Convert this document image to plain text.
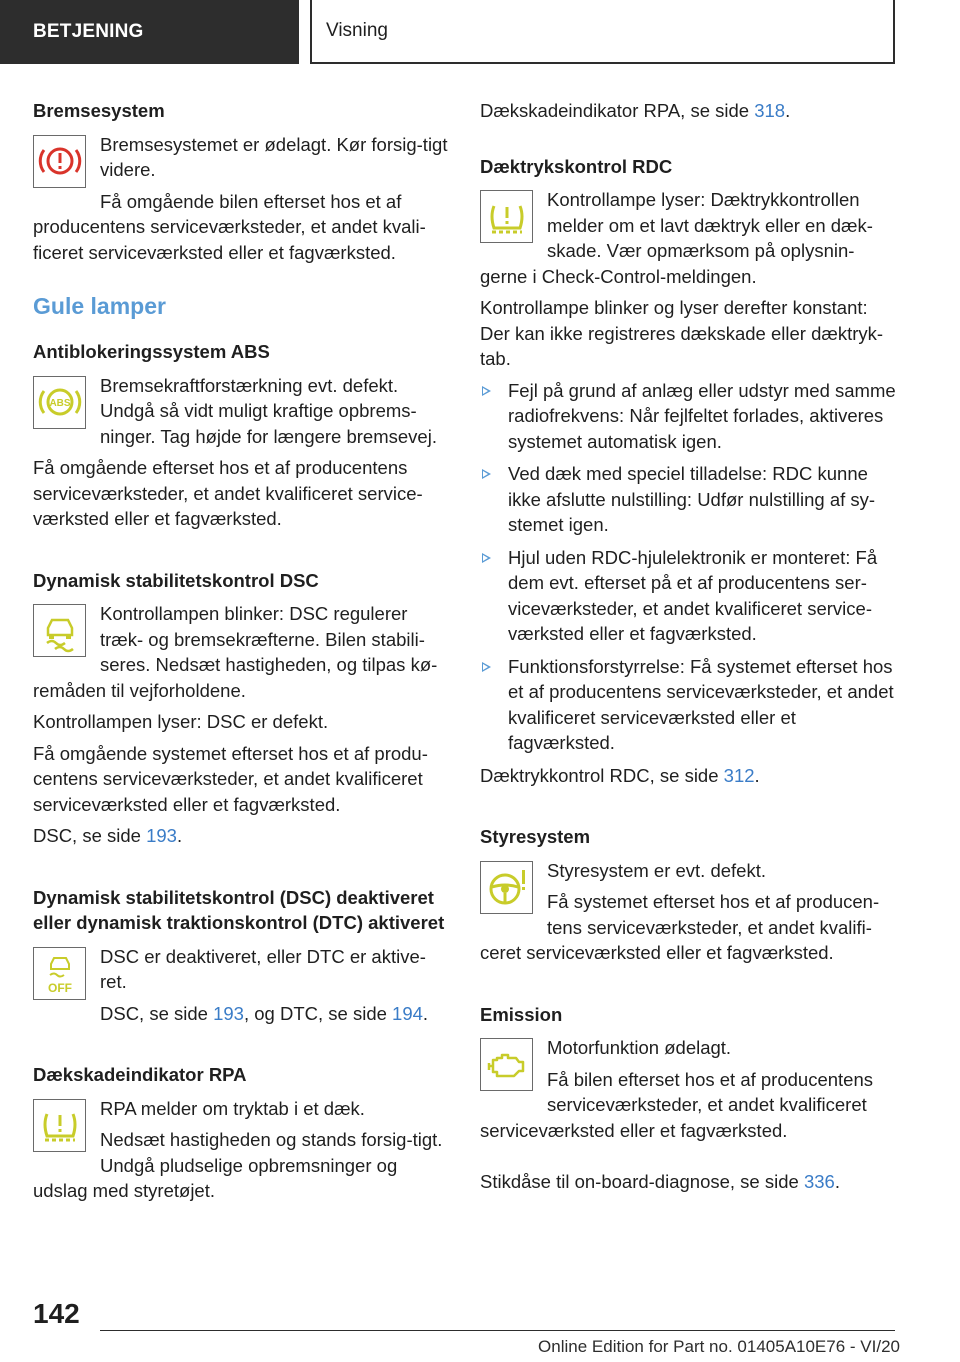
BETJENING	Visning
Bremsesystem

Bremsesystemet er ødelagt. Kør forsig-tigt videre.

Få omgående bilen efterset hos et af producentens serviceværksteder, et andet kvali-ficeret serviceværksted eller et fagværksted.

Gule lamper
Antiblokeringssystem ABS
ABS

Bremsekraftforstærkning evt. defekt. Undgå så vidt muligt kraftige opbrems-ninger. Tag højde for længere bremsevej.

Få omgående efterset hos et af producentens serviceværksteder, et andet kvalificeret service-værksted eller et fagværksted.

Dynamisk stabilitetskontrol DSC

Kontrollampen blinker: DSC regulerer træk- og bremsekræfterne. Bilen stabili-seres. Nedsæt hastigheden, og tilpas kø-remåden til vejforholdene.

Kontrollampen lyser: DSC er defekt.

Få omgående systemet efterset hos et af produ-centens serviceværksteder, et andet kvalificeret serviceværksted eller et fagværksted.

DSC, se side 193.

Dynamisk stabilitetskontrol (DSC) deaktiveret eller dynamisk traktionskontrol (DTC) aktiveret
OFF

DSC er deaktiveret, eller DTC er aktive-ret.

DSC, se side 193, og DTC, se side 194.

Dækskadeindikator RPA

RPA melder om tryktab i et dæk.

Nedsæt hastigheden og stands forsig-tigt. Undgå pludselige opbremsninger og udslag med styretøjet.

Dækskadeindikator RPA, se side 318.

Dæktrykskontrol RDC

Kontrollampe lyser: Dæktrykkontrollen melder om et lavt dæktryk eller en dæk-skade. Vær opmærksom på oplysnin-gerne i Check-Control-meldingen.

Kontrollampe blinker og lyser derefter konstant: Der kan ikke registreres dækskade eller dæktryk-tab.

Fejl på grund af anlæg eller udstyr med samme radiofrekvens: Når fejlfeltet forlades, aktiveres systemet automatisk igen.
Ved dæk med speciel tilladelse: RDC kunne ikke afslutte nulstilling: Udfør nulstilling af sy-stemet igen.
Hjul uden RDC-hjulelektronik er monteret: Få dem evt. efterset på et af producentens ser-viceværksteder, et andet kvalificeret service-værksted eller et fagværksted.
Funktionsforstyrrelse: Få systemet efterset hos et af producentens serviceværksteder, et andet kvalificeret serviceværksted eller et fagværksted.

Dæktrykkontrol RDC, se side 312.

Styresystem

Styresystem er evt. defekt.

Få systemet efterset hos et af producen-tens serviceværksteder, et andet kvalifi-ceret serviceværksted eller et fagværksted.

Emission

Motorfunktion ødelagt.

Få bilen efterset hos et af producentens serviceværksteder, et andet kvalificeret serviceværksted eller et fagværksted.

Stikdåse til on-board-diagnose, se side 336.

142
Online Edition for Part no. 01405A10E76 - VI/20
